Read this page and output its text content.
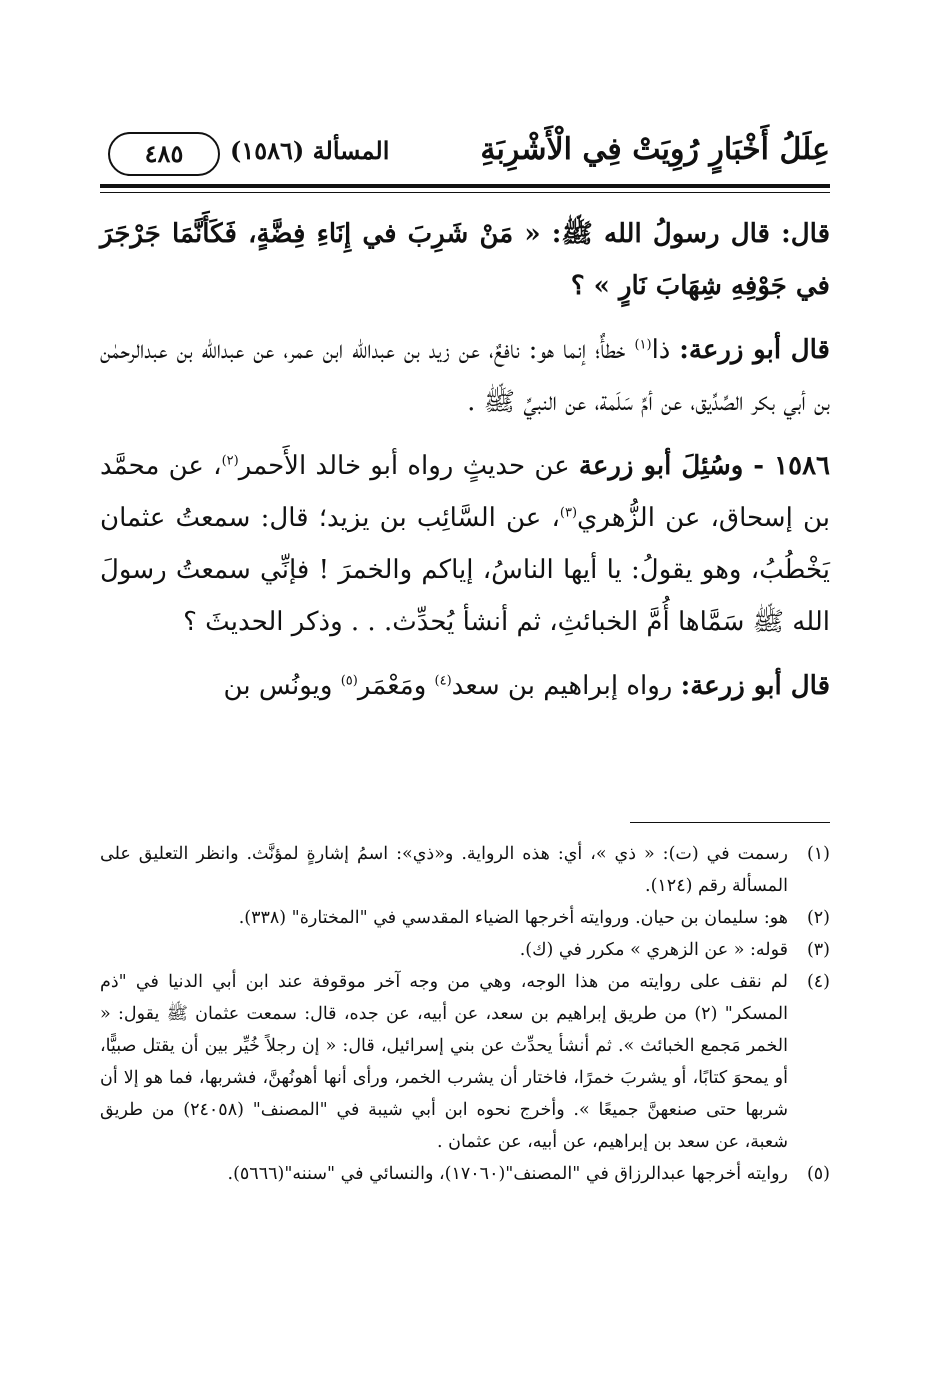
عِلَلُ أَخْبَارٍ رُوِيَتْ فِي الْأَشْرِبَةِ
المسألة (١٥٨٦)
٤٨٥

قال: قال رسولُ الله ﷺ: « مَنْ شَرِبَ في إِنَاءِ فِضَّةٍ، فَكَأَنَّمَا جَرْجَرَ في جَوْفِهِ شِهَابَ نَارٍ » ؟

قال أبو زرعة: ذا$^{(١)}$ خطأٌ؛ إنما هو: نافعٌ، عن زيد بن عبدالله ابن عمر، عن عبدالله بن عبدالرحمٰن بن أبي بكر الصِّدِّيق، عن أمِّ سَلَمة، عن النبيِّ ﷺ .

١٥٨٦ - وسُئِلَ أبو زرعة عن حديثٍ رواه أبو خالد الأَحمر$^{(٢)}$، عن محمَّد بن إسحاق، عن الزُّهري$^{(٣)}$، عن السَّائِب بن يزيد؛ قال: سمعتُ عثمان يَخْطُبُ، وهو يقولُ: يا أيها الناسُ، إياكم والخمرَ ! فإنِّي سمعتُ رسولَ الله ﷺ سَمَّاها أُمَّ الخبائثِ، ثم أنشأ يُحدِّث. . . وذكر الحديثَ ؟

قال أبو زرعة: رواه إبراهيم بن سعد$^{(٤)}$ ومَعْمَر$^{(٥)}$ ويونُس بن

(١)
رسمت في (ت): « ذي »، أي: هذه الرواية. و«ذي»: اسمُ إشارةٍ لمؤنَّث. وانظر التعليق على المسألة رقم (١٢٤).
(٢)
هو: سليمان بن حيان. وروايته أخرجها الضياء المقدسي في "المختارة" (٣٣٨).
(٣)
قوله: « عن الزهري » مكرر في (ك).
(٤)
لم نقف على روايته من هذا الوجه، وهي من وجه آخر موقوفة عند ابن أبي الدنيا في "ذم المسكر" (٢) من طريق إبراهيم بن سعد، عن أبيه، عن جده، قال: سمعت عثمان ﷺ يقول: « الخمر مَجمع الخبائث ». ثم أنشأ يحدِّث عن بني إسرائيل، قال: « إن رجلاً خُيِّر بين أن يقتل صبيًّا، أو يمحوَ كتابًا، أو يشربَ خمرًا، فاختار أن يشرب الخمر، ورأى أنها أهونُهنَّ، فشربها، فما هو إلا أن شربها حتى صنعهنَّ جميعًا ». وأخرج نحوه ابن أبي شيبة في "المصنف" (٢٤٠٥٨) من طريق شعبة، عن سعد بن إبراهيم، عن أبيه، عن عثمان .
(٥)
روايته أخرجها عبدالرزاق في "المصنف"(١٧٠٦٠)، والنسائي في "سننه"(٥٦٦٦).
